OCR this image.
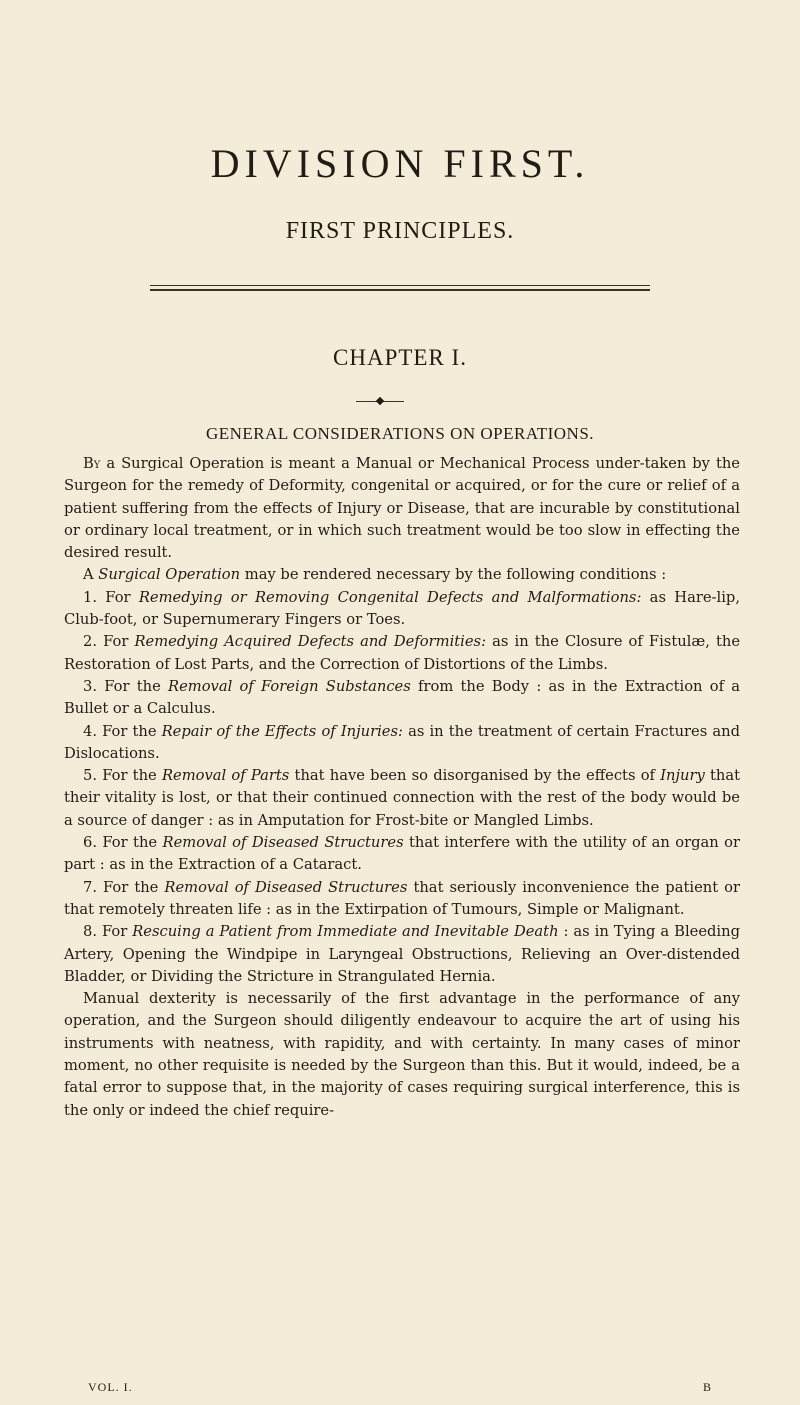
DIVISION FIRST.
FIRST PRINCIPLES.
CHAPTER I.
GENERAL CONSIDERATIONS ON OPERATIONS.

By a Surgical Operation is meant a Manual or Mechanical Process under-taken by the Surgeon for the remedy of Deformity, congenital or acquired, or for the cure or relief of a patient suffering from the effects of Injury or Disease, that are incurable by constitutional or ordinary local treatment, or in which such treatment would be too slow in effecting the desired result.

A Surgical Operation may be rendered necessary by the following conditions :

1. For Remedying or Removing Congenital Defects and Malformations: as Hare-lip, Club-foot, or Supernumerary Fingers or Toes.

2. For Remedying Acquired Defects and Deformities: as in the Closure of Fistulæ, the Restoration of Lost Parts, and the Correction of Distortions of the Limbs.

3. For the Removal of Foreign Substances from the Body : as in the Extraction of a Bullet or a Calculus.

4. For the Repair of the Effects of Injuries: as in the treatment of certain Fractures and Dislocations.

5. For the Removal of Parts that have been so disorganised by the effects of Injury that their vitality is lost, or that their continued connection with the rest of the body would be a source of danger : as in Amputation for Frost-bite or Mangled Limbs.

6. For the Removal of Diseased Structures that interfere with the utility of an organ or part : as in the Extraction of a Cataract.

7. For the Removal of Diseased Structures that seriously inconvenience the patient or that remotely threaten life : as in the Extirpation of Tumours, Simple or Malignant.

8. For Rescuing a Patient from Immediate and Inevitable Death : as in Tying a Bleeding Artery, Opening the Windpipe in Laryngeal Obstructions, Relieving an Over-distended Bladder, or Dividing the Stricture in Strangulated Hernia.

Manual dexterity is necessarily of the first advantage in the performance of any operation, and the Surgeon should diligently endeavour to acquire the art of using his instruments with neatness, with rapidity, and with certainty. In many cases of minor moment, no other requisite is needed by the Surgeon than this. But it would, indeed, be a fatal error to suppose that, in the majority of cases requiring surgical interference, this is the only or indeed the chief require-

VOL. I.	B
